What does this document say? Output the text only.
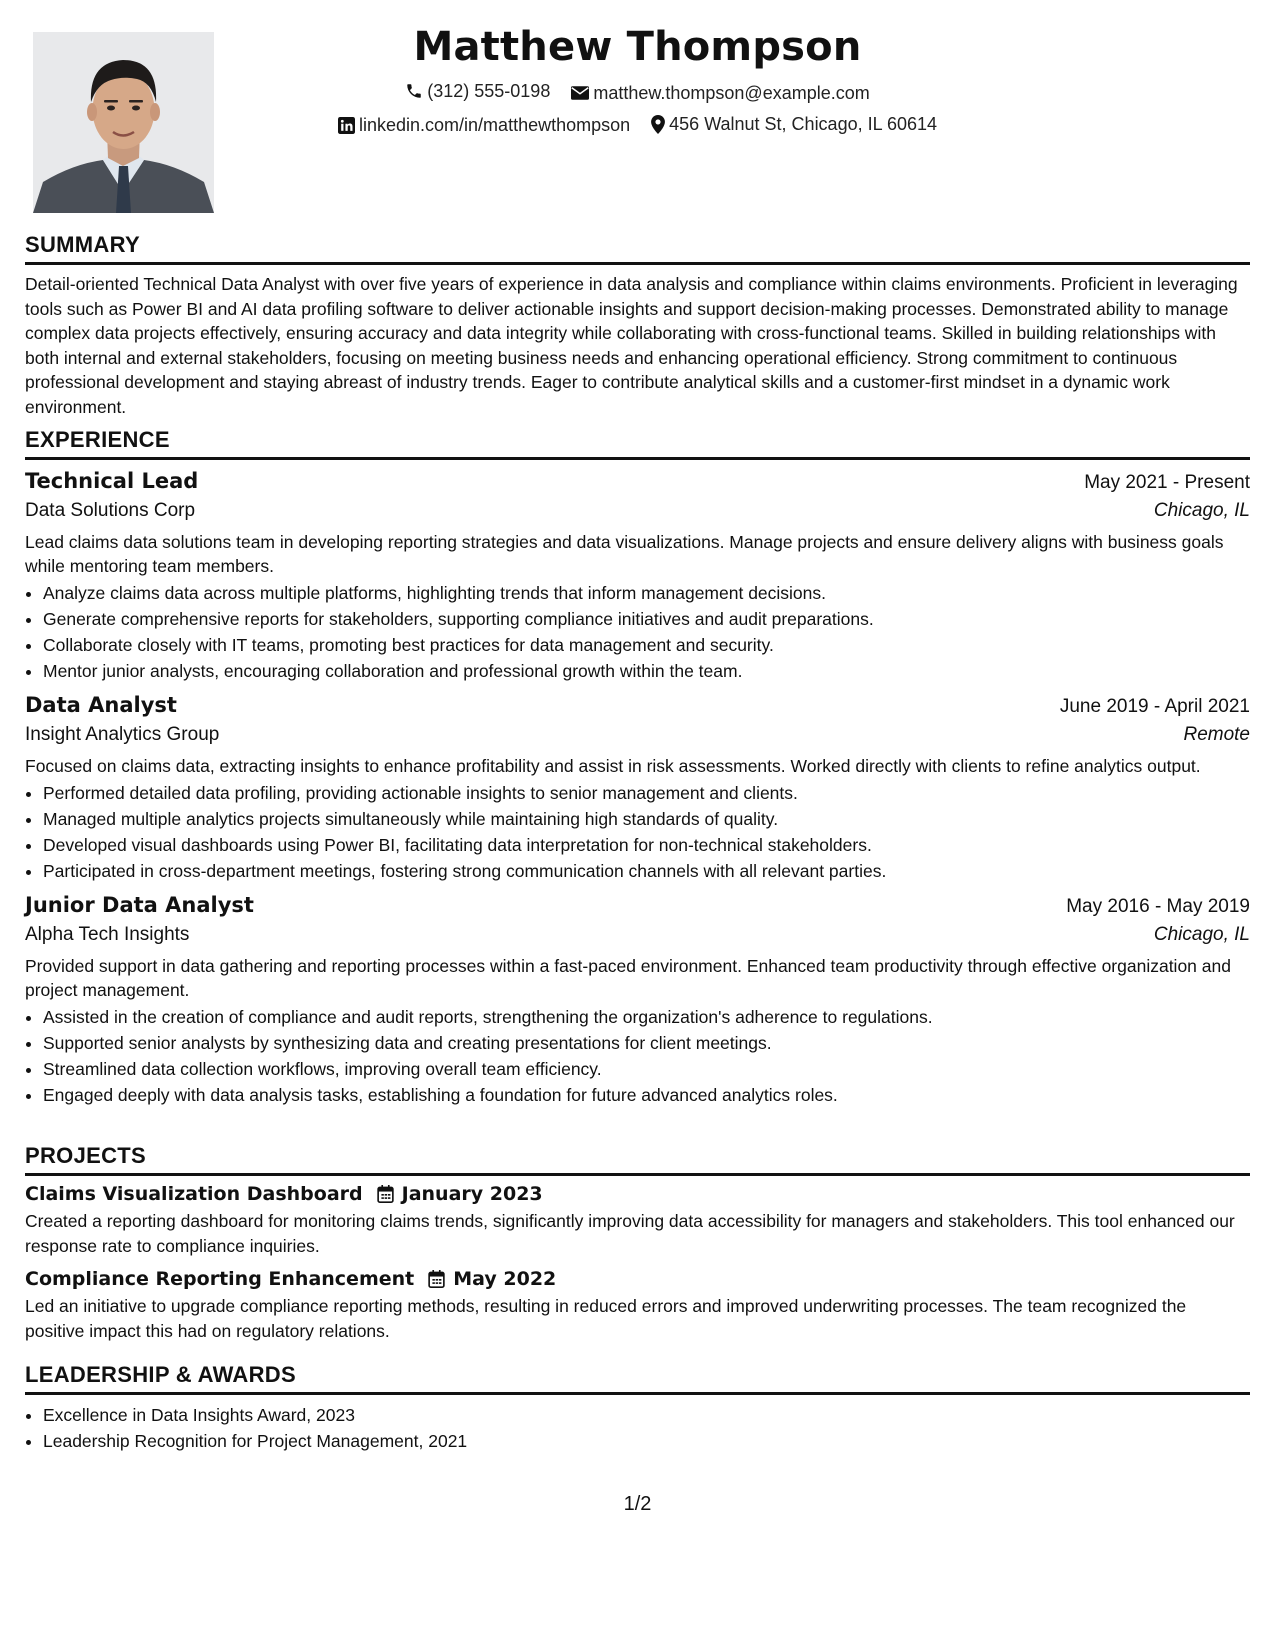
Matthew Thompson
(312) 555-0198
matthew.thompson@example.com
linkedin.com/in/matthewthompson
456 Walnut St, Chicago, IL 60614
SUMMARY

Detail-oriented Technical Data Analyst with over five years of experience in data analysis and compliance within claims environments. Proficient in leveraging tools such as Power BI and AI data profiling software to deliver actionable insights and support decision-making processes. Demonstrated ability to manage complex data projects effectively, ensuring accuracy and data integrity while collaborating with cross-functional teams. Skilled in building relationships with both internal and external stakeholders, focusing on meeting business needs and enhancing operational efficiency. Strong commitment to continuous professional development and staying abreast of industry trends. Eager to contribute analytical skills and a customer-first mindset in a dynamic work environment.

EXPERIENCE
Technical Lead	May 2021 - Present
Data Solutions Corp	Chicago, IL
Lead claims data solutions team in developing reporting strategies and data visualizations. Manage projects and ensure delivery aligns with business goals while mentoring team members.
• Analyze claims data across multiple platforms, highlighting trends that inform management decisions.
• Generate comprehensive reports for stakeholders, supporting compliance initiatives and audit preparations.
• Collaborate closely with IT teams, promoting best practices for data management and security.
• Mentor junior analysts, encouraging collaboration and professional growth within the team.
Data Analyst	June 2019 - April 2021
Insight Analytics Group	Remote
Focused on claims data, extracting insights to enhance profitability and assist in risk assessments. Worked directly with clients to refine analytics output.
• Performed detailed data profiling, providing actionable insights to senior management and clients.
• Managed multiple analytics projects simultaneously while maintaining high standards of quality.
• Developed visual dashboards using Power BI, facilitating data interpretation for non-technical stakeholders.
• Participated in cross-department meetings, fostering strong communication channels with all relevant parties.
Junior Data Analyst	May 2016 - May 2019
Alpha Tech Insights	Chicago, IL
Provided support in data gathering and reporting processes within a fast-paced environment. Enhanced team productivity through effective organization and project management.
• Assisted in the creation of compliance and audit reports, strengthening the organization's adherence to regulations.
• Supported senior analysts by synthesizing data and creating presentations for client meetings.
• Streamlined data collection workflows, improving overall team efficiency.
• Engaged deeply with data analysis tasks, establishing a foundation for future advanced analytics roles.
PROJECTS
Claims Visualization Dashboard January 2023
Created a reporting dashboard for monitoring claims trends, significantly improving data accessibility for managers and stakeholders. This tool enhanced our response rate to compliance inquiries.
Compliance Reporting Enhancement May 2022
Led an initiative to upgrade compliance reporting methods, resulting in reduced errors and improved underwriting processes. The team recognized the positive impact this had on regulatory relations.
LEADERSHIP & AWARDS
• Excellence in Data Insights Award, 2023
• Leadership Recognition for Project Management, 2021
1/2
